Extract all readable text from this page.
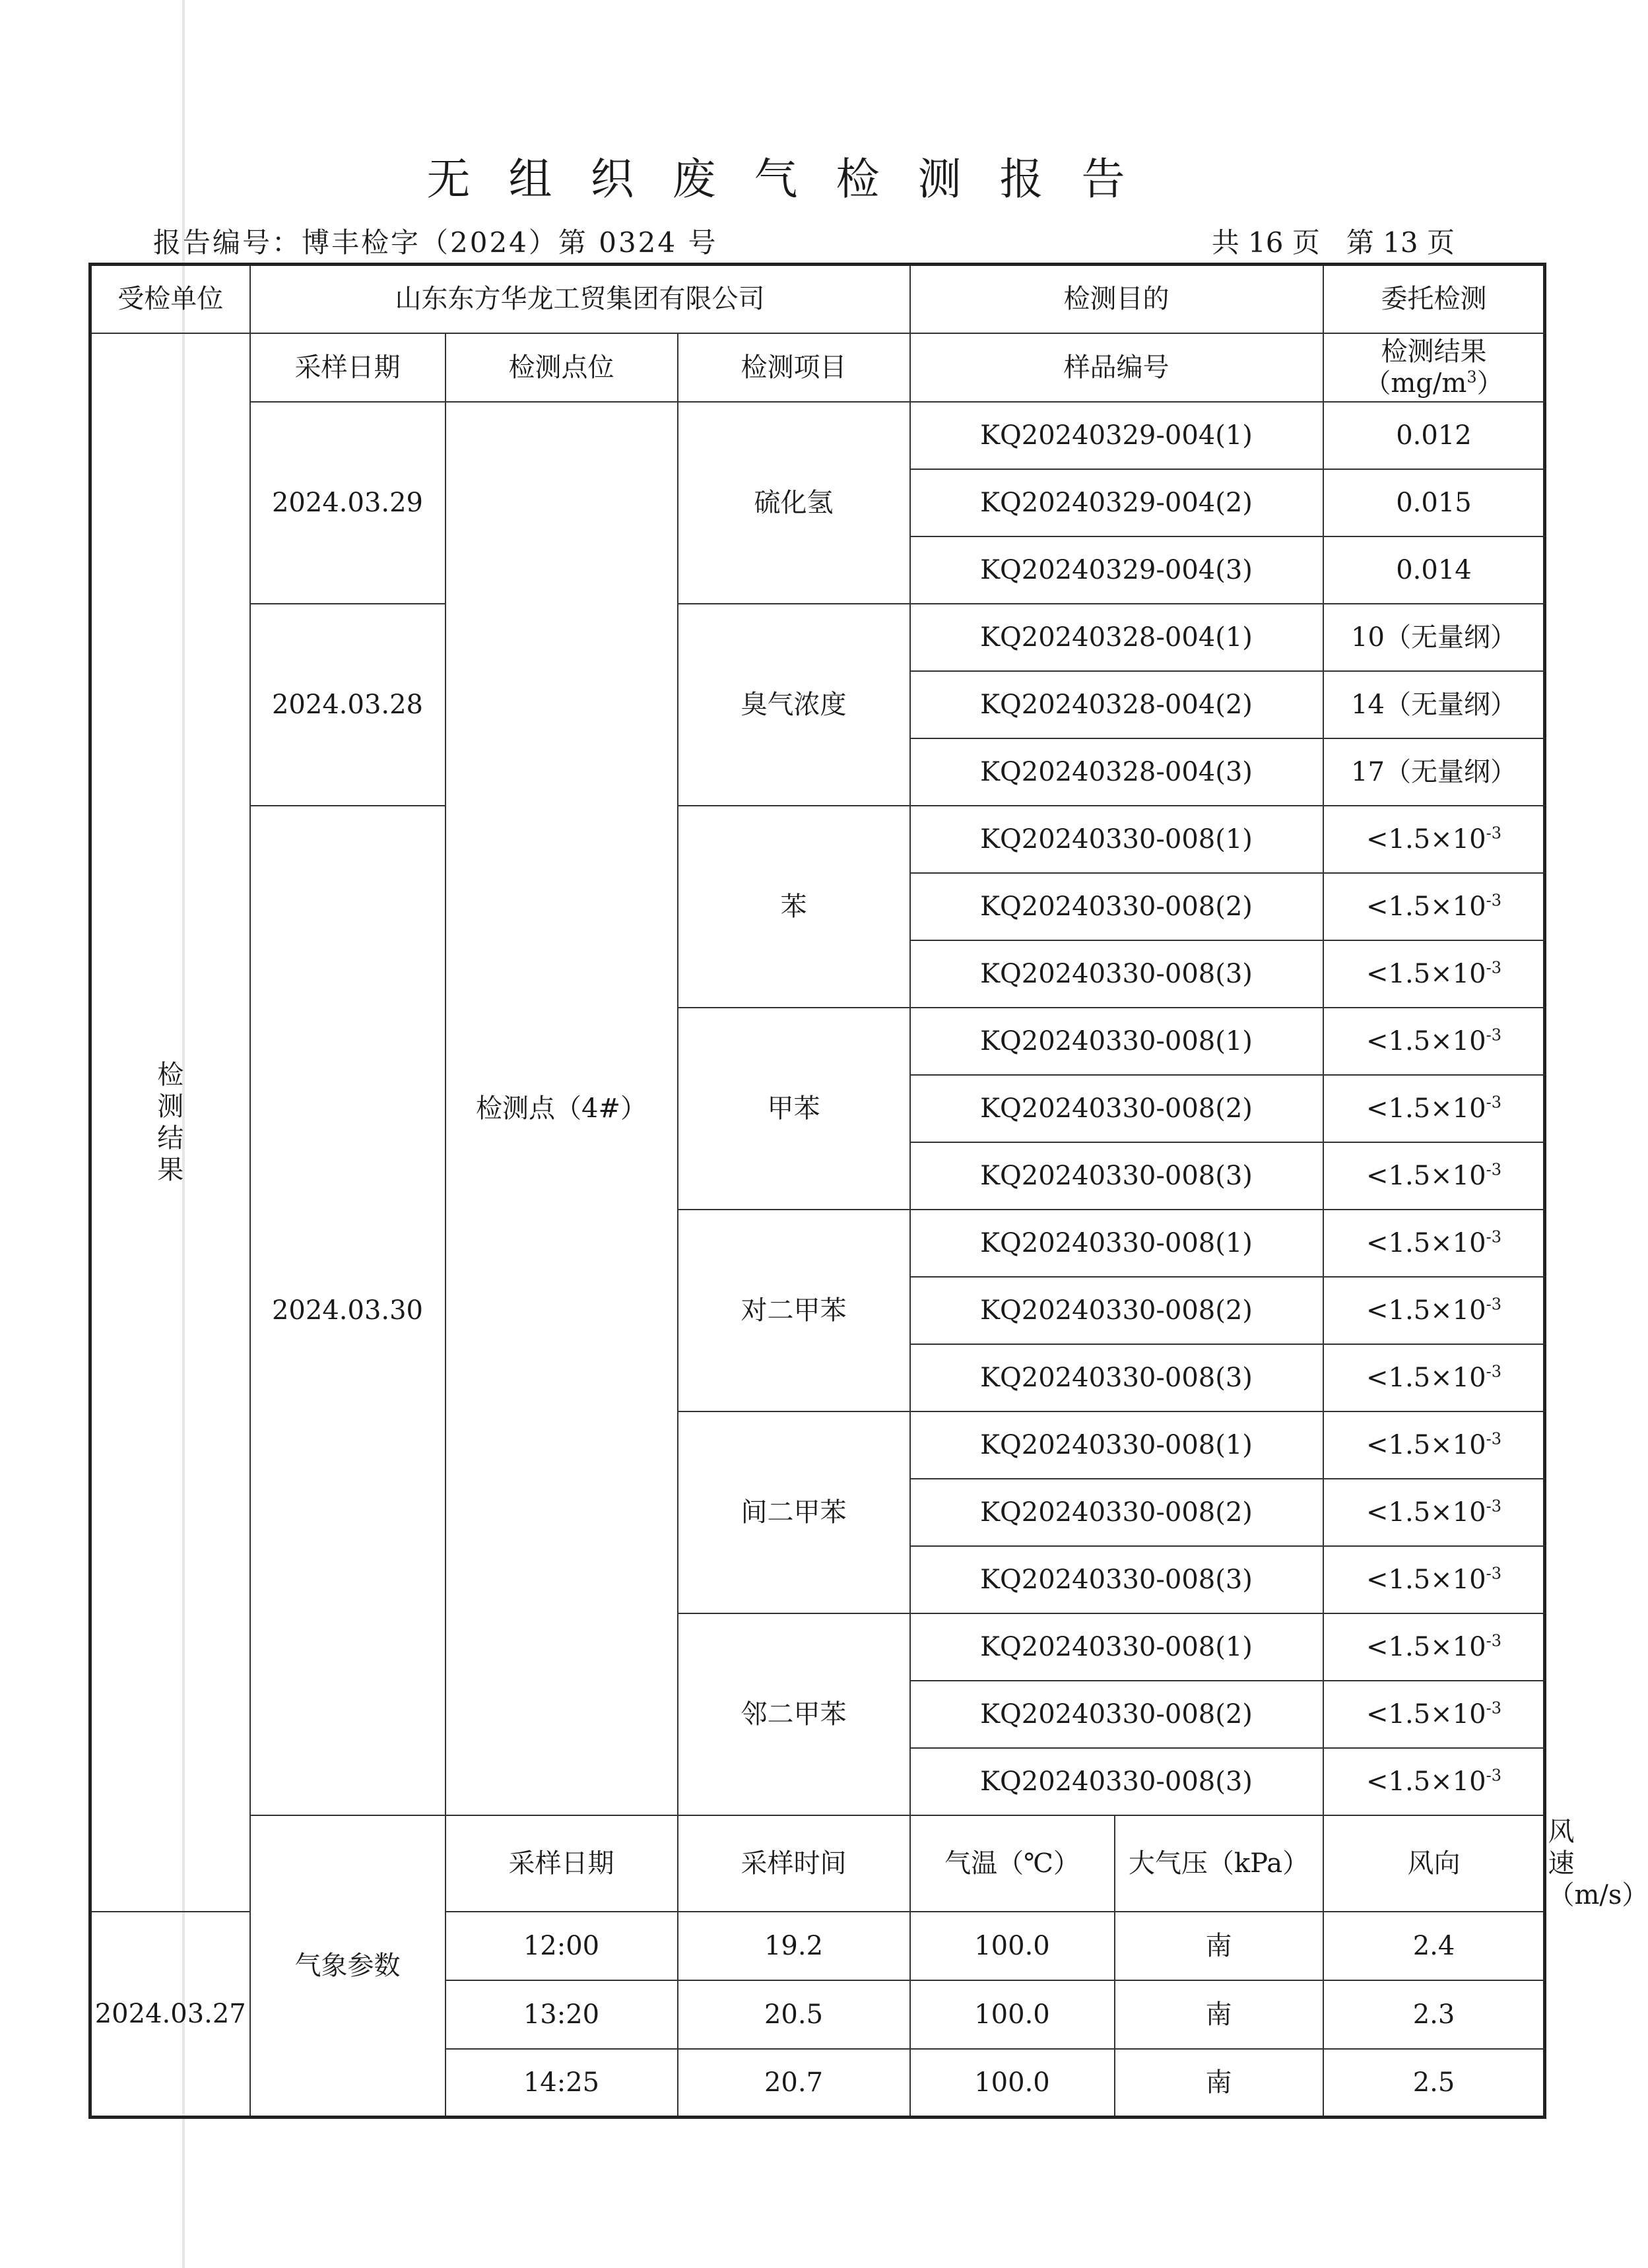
无组织废气检测报告
报告编号：博丰检字（2024）第 0324 号	共 16 页 第 13 页
受检单位	山东东方华龙工贸集团有限公司			检测目的		委托检测	

检
测
结
果	采样日期	检测点位	检测项目	样品编号		检测结果$(mg/m^3)$	
	2024.03.29	检测点（4#）	硫化氢	KQ20240329-004(1)		0.012	
				KQ20240329-004(2)		0.015	
				KQ20240329-004(3)		0.014	
	2024.03.28		臭气浓度	KQ20240328-004(1)		10（无量纲）	
				KQ20240328-004(2)		14（无量纲）	
				KQ20240328-004(3)		17（无量纲）	
	2024.03.30		苯	KQ20240330-008(1)		$<1.5\times 10^{-3}$
				KQ20240330-008(2)		$<1.5\times 10^{-3}$
				KQ20240330-008(3)		$<1.5\times 10^{-3}$
			甲苯	KQ20240330-008(1)		$<1.5\times 10^{-3}$
				KQ20240330-008(2)		$<1.5\times 10^{-3}$
				KQ20240330-008(3)		$<1.5\times 10^{-3}$
			对二甲苯	KQ20240330-008(1)		$<1.5\times 10^{-3}$
				KQ20240330-008(2)		$<1.5\times 10^{-3}$
				KQ20240330-008(3)		$<1.5\times 10^{-3}$
			间二甲苯	KQ20240330-008(1)		$<1.5\times 10^{-3}$
				KQ20240330-008(2)		$<1.5\times 10^{-3}$
				KQ20240330-008(3)		$<1.5\times 10^{-3}$
			邻二甲苯	KQ20240330-008(1)		$<1.5\times 10^{-3}$
				KQ20240330-008(2)		$<1.5\times 10^{-3}$
				KQ20240330-008(3)		$<1.5\times 10^{-3}$
	气象参数	采样日期	采样时间	气温（℃）	大气压（kPa）	风向	风速（m/s）
2024.03.27		12:00	19.2	100.0	南	2.4	
		13:20	20.5	100.0	南	2.3	
		14:25	20.7	100.0	南	2.5	
